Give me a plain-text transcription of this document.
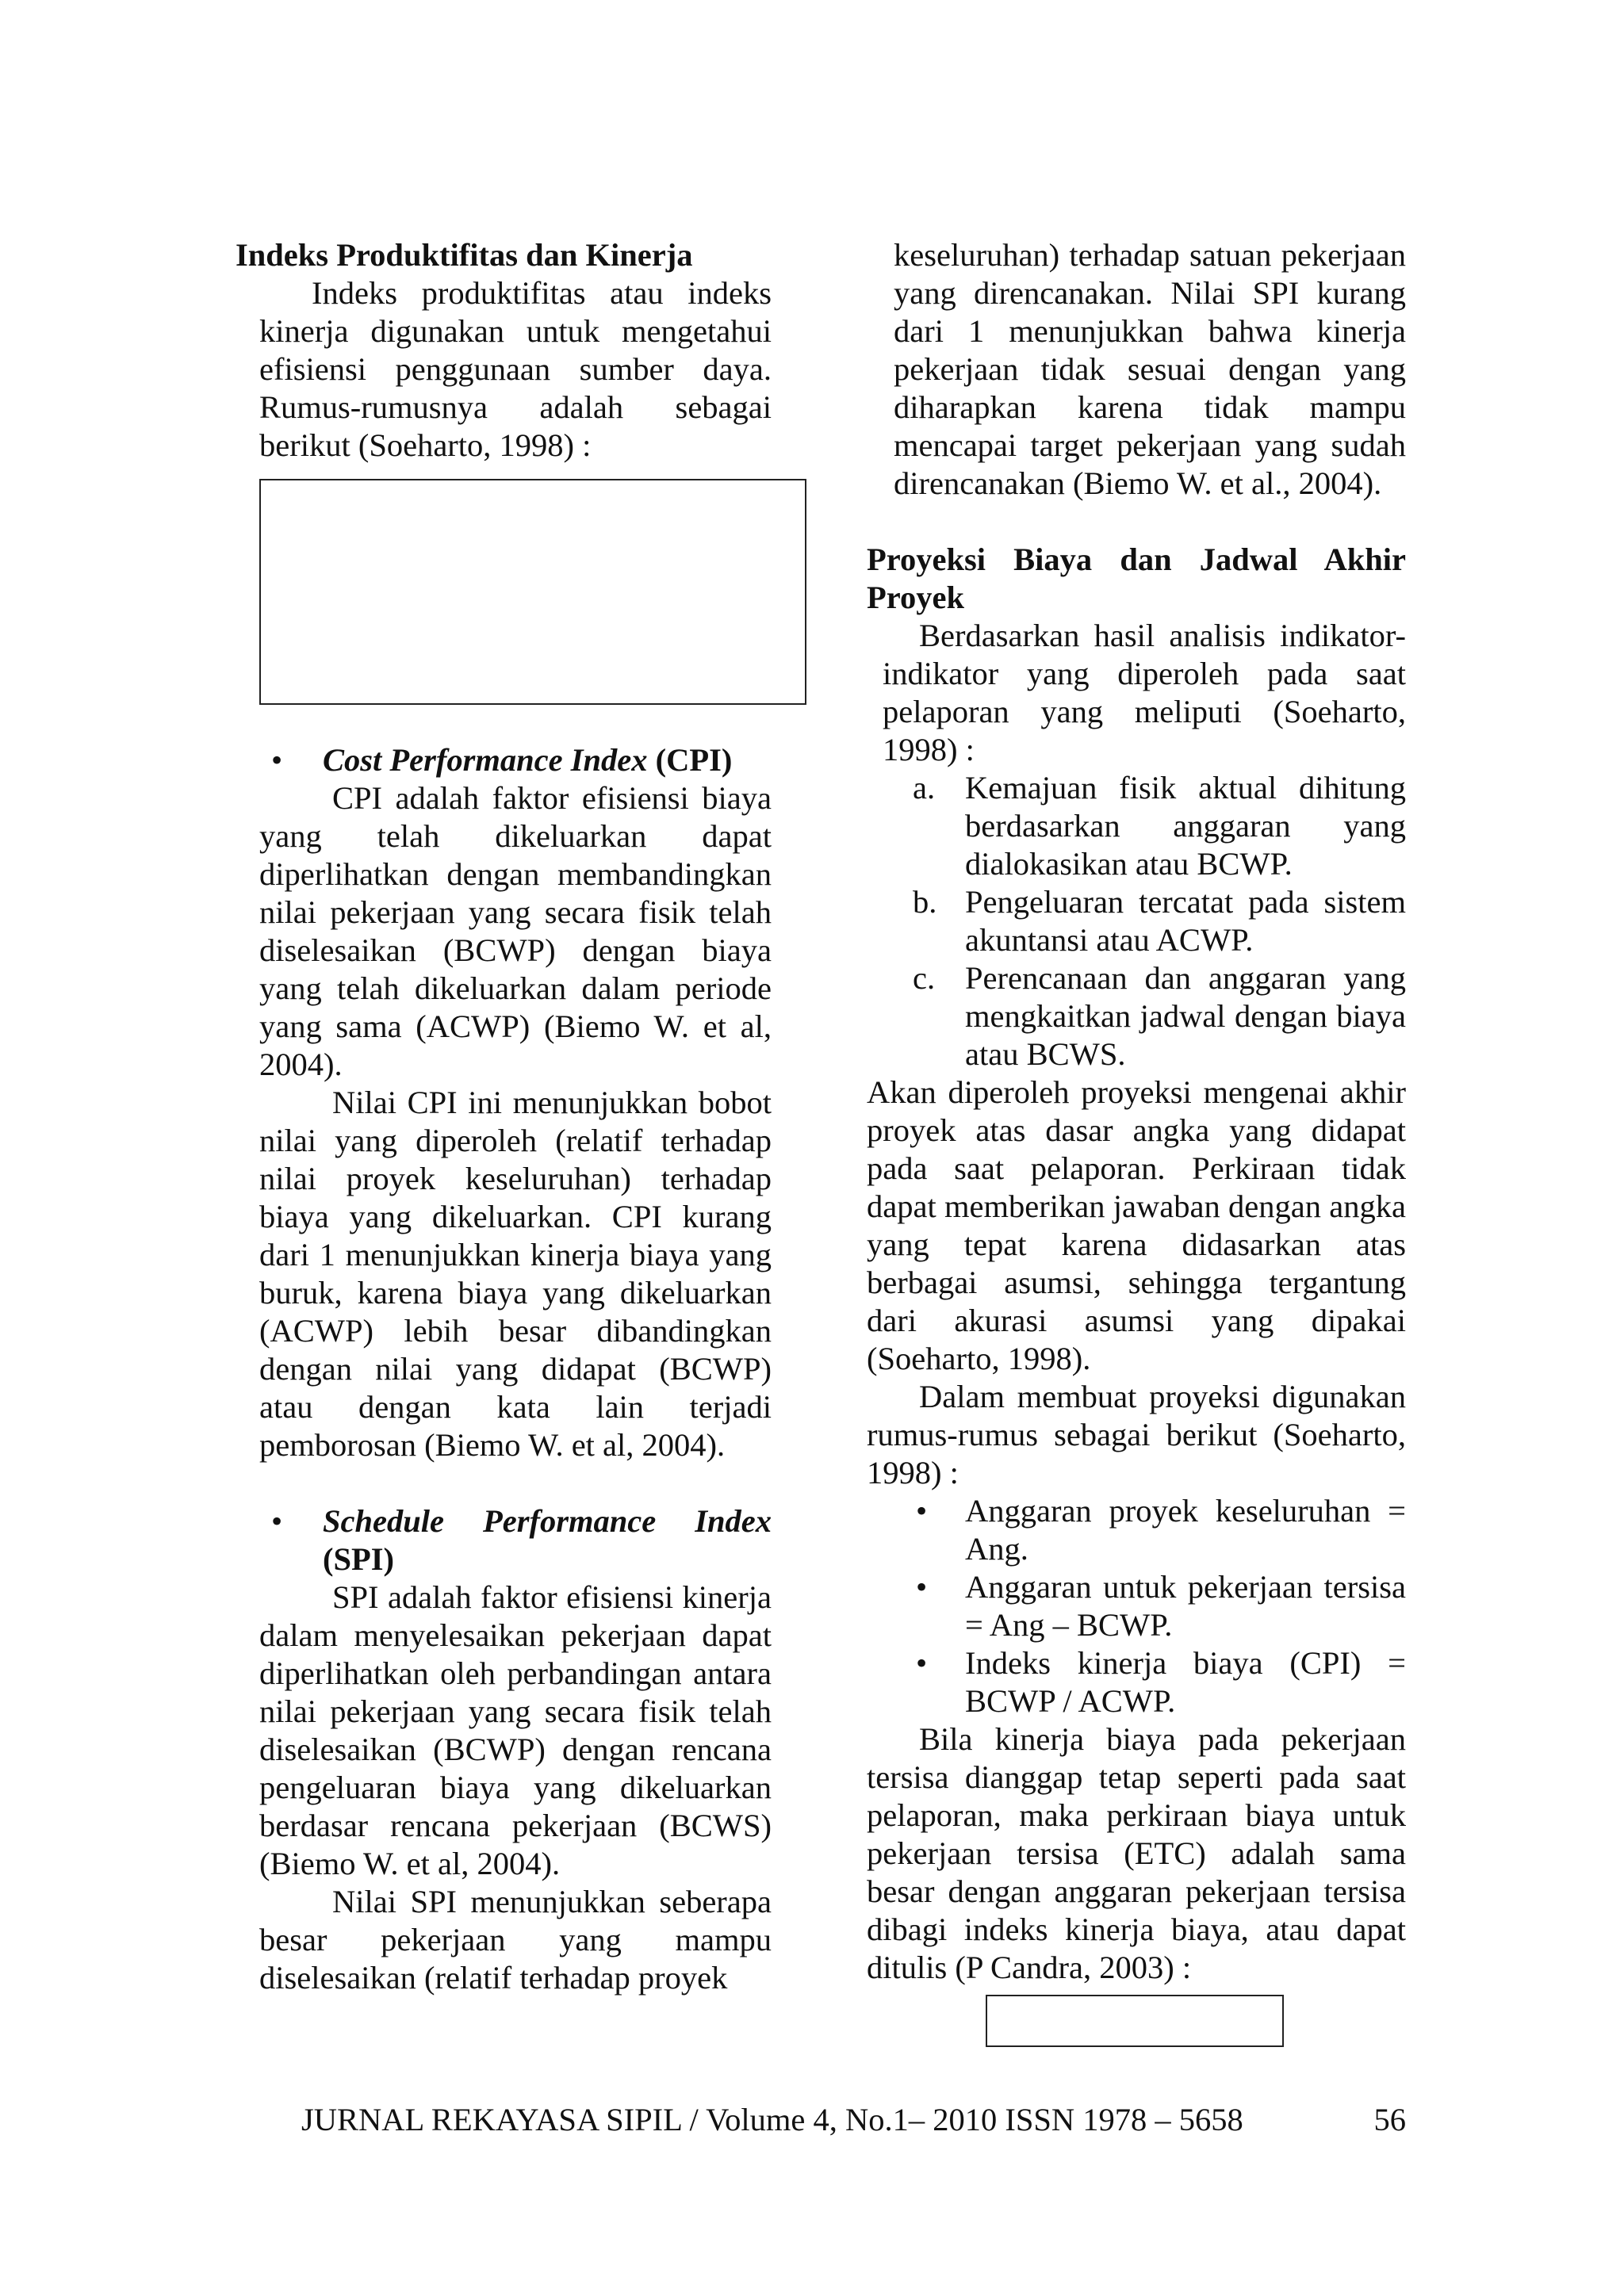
Indeks Produktifitas dan Kinerja

Indeks produktifitas atau indeks kinerja digunakan untuk mengetahui efisiensi penggunaan sumber daya. Rumus-rumusnya adalah sebagai berikut (Soeharto, 1998) :

• Cost Performance Index (CPI)

CPI adalah faktor efisiensi biaya yang telah dikeluarkan dapat diperlihatkan dengan membandingkan nilai pekerjaan yang secara fisik telah diselesaikan (BCWP) dengan biaya yang telah dikeluarkan dalam periode yang sama (ACWP) (Biemo W. et al, 2004).

Nilai CPI ini menunjukkan bobot nilai yang diperoleh (relatif terhadap nilai proyek keseluruhan) terhadap biaya yang dikeluarkan. CPI kurang dari 1 menunjukkan kinerja biaya yang buruk, karena biaya yang dikeluarkan (ACWP) lebih besar dibandingkan dengan nilai yang didapat (BCWP) atau dengan kata lain terjadi pemborosan (Biemo W. et al, 2004).

• Schedule Performance Index

(SPI)

SPI adalah faktor efisiensi kinerja dalam menyelesaikan pekerjaan dapat diperlihatkan oleh perbandingan antara nilai pekerjaan yang secara fisik telah diselesaikan (BCWP) dengan rencana pengeluaran biaya yang dikeluarkan berdasar rencana pekerjaan (BCWS) (Biemo W. et al, 2004).

Nilai SPI menunjukkan seberapa besar pekerjaan yang mampu diselesaikan (relatif terhadap proyek

keseluruhan) terhadap satuan pekerjaan yang direncanakan. Nilai SPI kurang dari 1 menunjukkan bahwa kinerja pekerjaan tidak sesuai dengan yang diharapkan karena tidak mampu mencapai target pekerjaan yang sudah direncanakan (Biemo W. et al., 2004).

Proyeksi Biaya dan Jadwal Akhir Proyek

Berdasarkan hasil analisis indikator-indikator yang diperoleh pada saat pelaporan yang meliputi (Soeharto, 1998) :

a. Kemajuan fisik aktual dihitung berdasarkan anggaran yang dialokasikan atau BCWP.

b. Pengeluaran tercatat pada sistem akuntansi atau ACWP.

c. Perencanaan dan anggaran yang mengkaitkan jadwal dengan biaya atau BCWS.

Akan diperoleh proyeksi mengenai akhir proyek atas dasar angka yang didapat pada saat pelaporan. Perkiraan tidak dapat memberikan jawaban dengan angka yang tepat karena didasarkan atas berbagai asumsi, sehingga tergantung dari akurasi asumsi yang dipakai (Soeharto, 1998).

Dalam membuat proyeksi digunakan rumus-rumus sebagai berikut (Soeharto, 1998) :

• Anggaran proyek keseluruhan = Ang.

• Anggaran untuk pekerjaan tersisa = Ang – BCWP.

• Indeks kinerja biaya (CPI) = BCWP / ACWP.

Bila kinerja biaya pada pekerjaan tersisa dianggap tetap seperti pada saat pelaporan, maka perkiraan biaya untuk pekerjaan tersisa (ETC) adalah sama besar dengan anggaran pekerjaan tersisa dibagi indeks kinerja biaya, atau dapat ditulis (P Candra, 2003) :

JURNAL REKAYASA SIPIL / Volume 4, No.1– 2010 ISSN 1978 – 5658	56
